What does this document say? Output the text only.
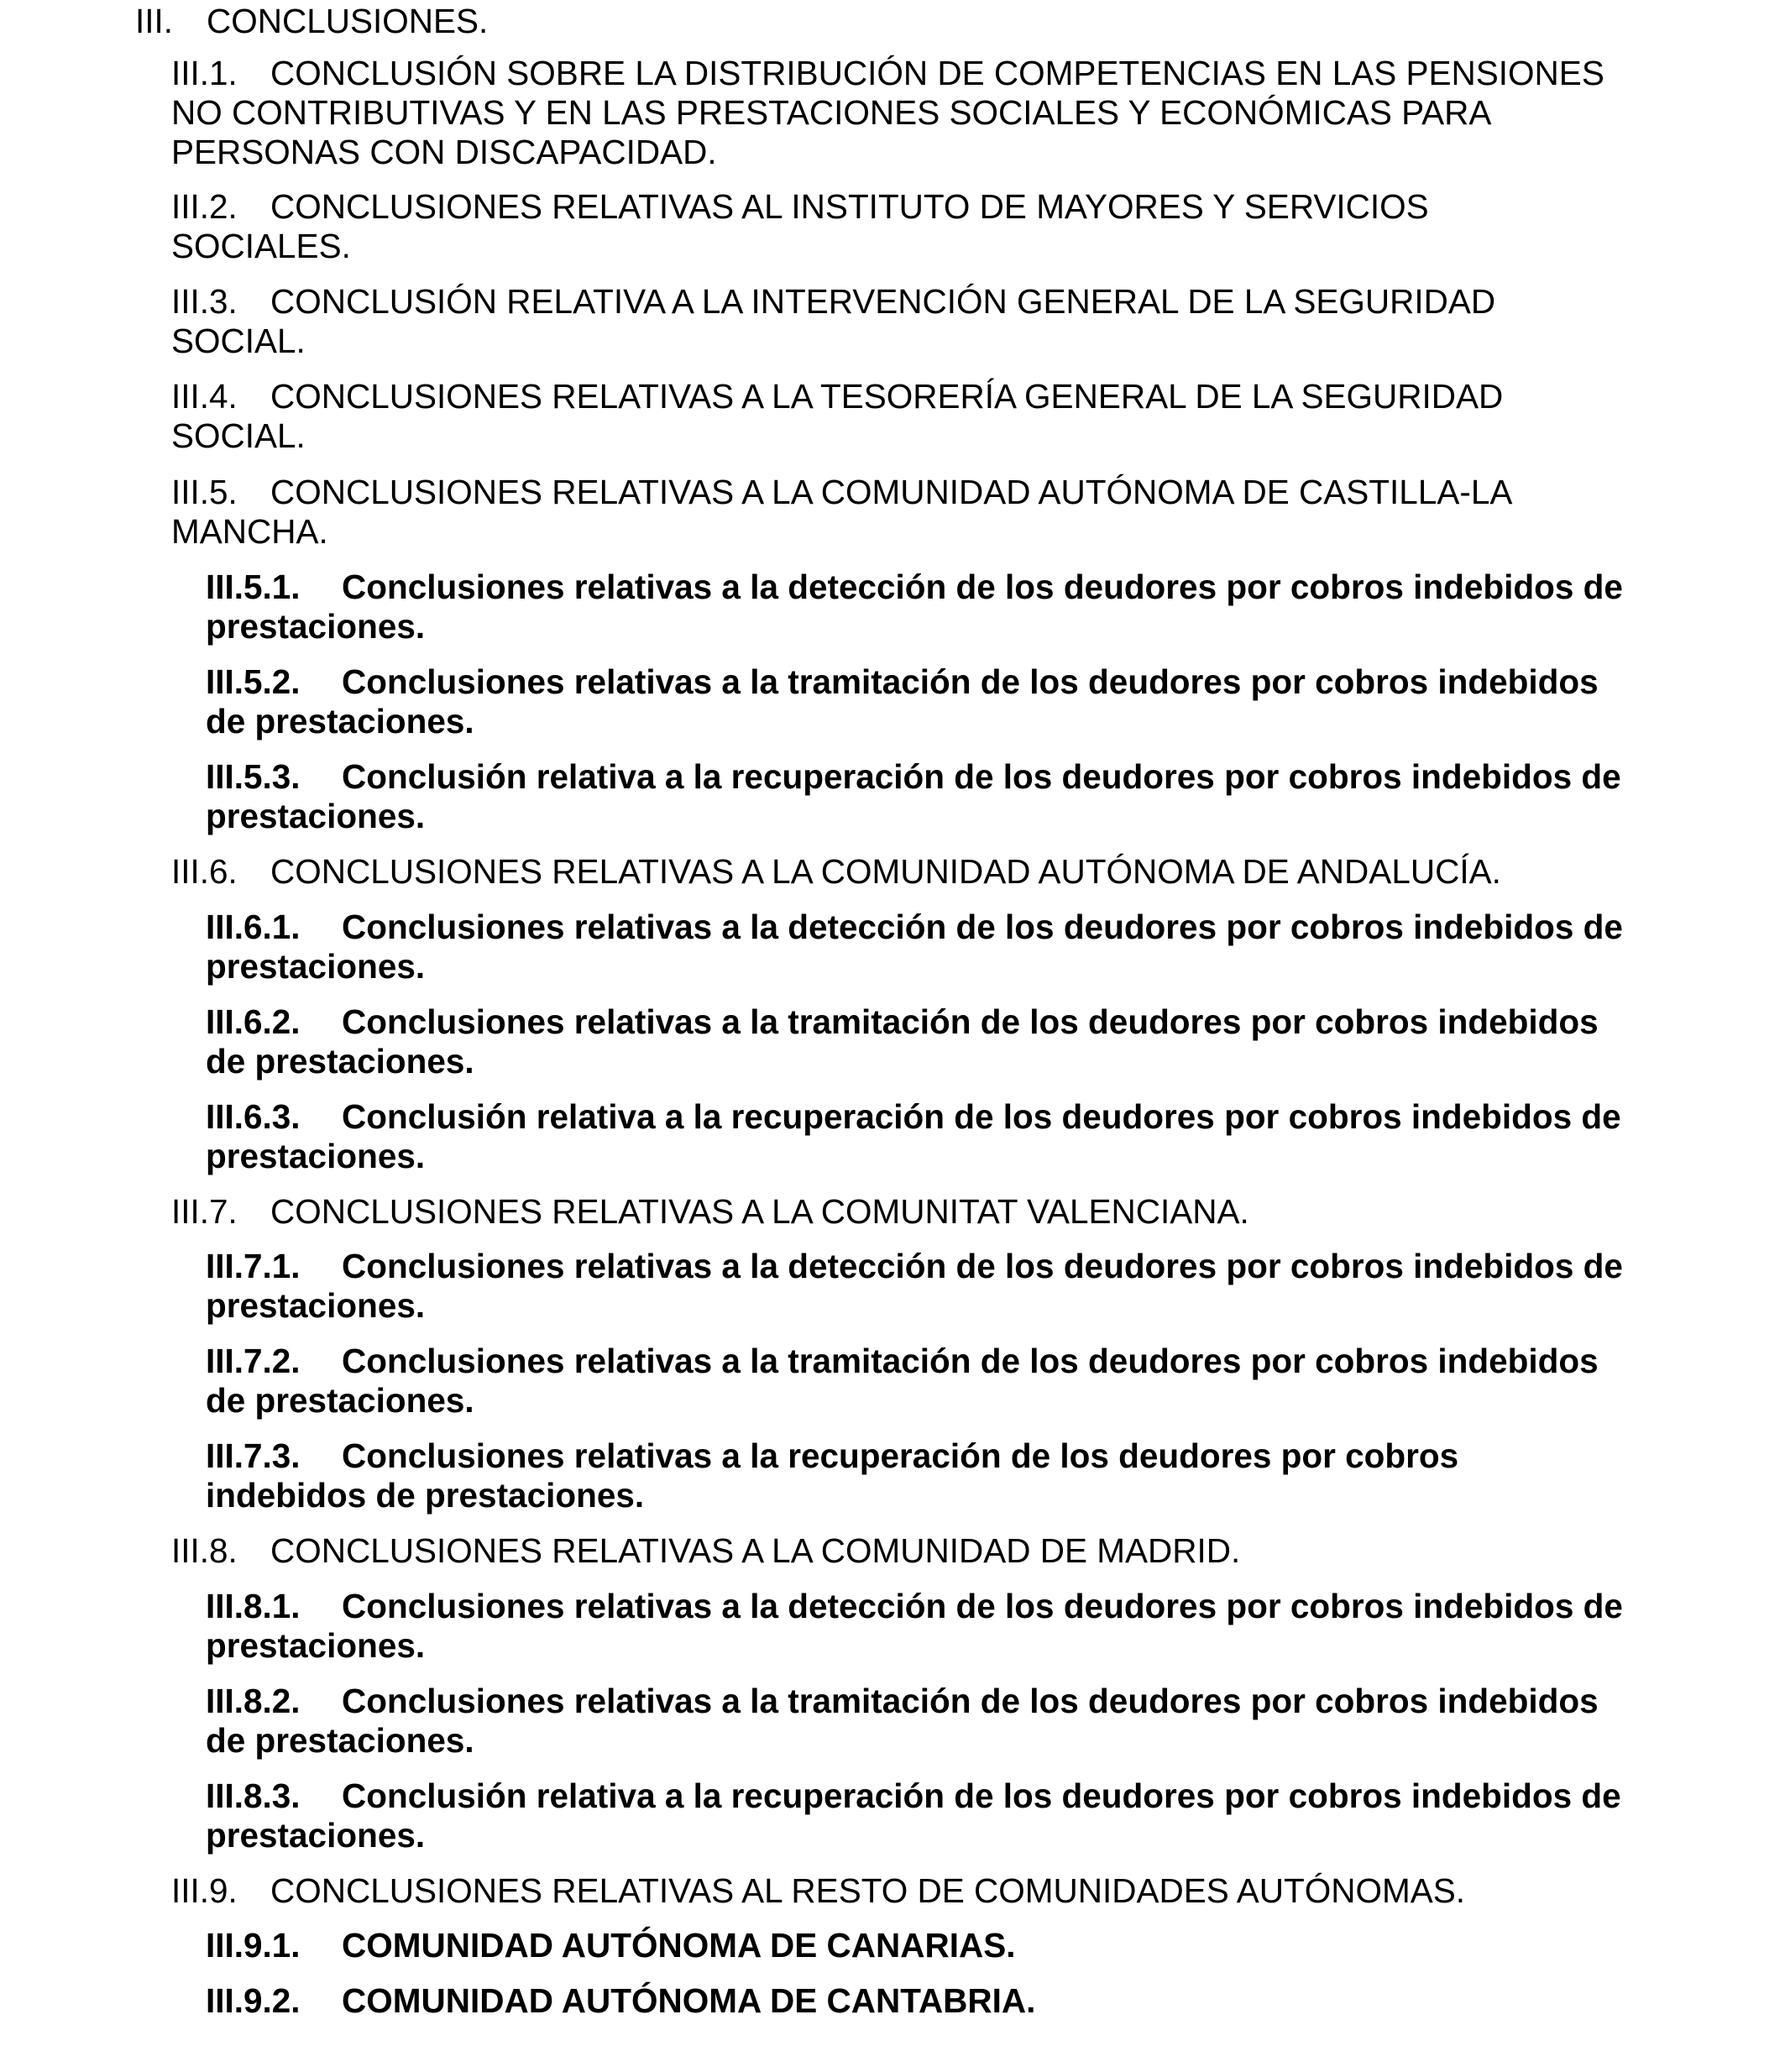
III. CONCLUSIONES.
III.1. CONCLUSIÓN SOBRE LA DISTRIBUCIÓN DE COMPETENCIAS EN LAS PENSIONES
NO CONTRIBUTIVAS Y EN LAS PRESTACIONES SOCIALES Y ECONÓMICAS PARA
PERSONAS CON DISCAPACIDAD.
III.2. CONCLUSIONES RELATIVAS AL INSTITUTO DE MAYORES Y SERVICIOS
SOCIALES.
III.3. CONCLUSIÓN RELATIVA A LA INTERVENCIÓN GENERAL DE LA SEGURIDAD
SOCIAL.
III.4. CONCLUSIONES RELATIVAS A LA TESORERÍA GENERAL DE LA SEGURIDAD
SOCIAL.
III.5. CONCLUSIONES RELATIVAS A LA COMUNIDAD AUTÓNOMA DE CASTILLA-LA
MANCHA.
III.5.1. Conclusiones relativas a la detección de los deudores por cobros indebidos de
prestaciones.
III.5.2. Conclusiones relativas a la tramitación de los deudores por cobros indebidos
de prestaciones.
III.5.3. Conclusión relativa a la recuperación de los deudores por cobros indebidos de
prestaciones.
III.6. CONCLUSIONES RELATIVAS A LA COMUNIDAD AUTÓNOMA DE ANDALUCÍA.
III.6.1. Conclusiones relativas a la detección de los deudores por cobros indebidos de
prestaciones.
III.6.2. Conclusiones relativas a la tramitación de los deudores por cobros indebidos
de prestaciones.
III.6.3. Conclusión relativa a la recuperación de los deudores por cobros indebidos de
prestaciones.
III.7. CONCLUSIONES RELATIVAS A LA COMUNITAT VALENCIANA.
III.7.1. Conclusiones relativas a la detección de los deudores por cobros indebidos de
prestaciones.
III.7.2. Conclusiones relativas a la tramitación de los deudores por cobros indebidos
de prestaciones.
III.7.3. Conclusiones relativas a la recuperación de los deudores por cobros
indebidos de prestaciones.
III.8. CONCLUSIONES RELATIVAS A LA COMUNIDAD DE MADRID.
III.8.1. Conclusiones relativas a la detección de los deudores por cobros indebidos de
prestaciones.
III.8.2. Conclusiones relativas a la tramitación de los deudores por cobros indebidos
de prestaciones.
III.8.3. Conclusión relativa a la recuperación de los deudores por cobros indebidos de
prestaciones.
III.9. CONCLUSIONES RELATIVAS AL RESTO DE COMUNIDADES AUTÓNOMAS.
III.9.1. COMUNIDAD AUTÓNOMA DE CANARIAS.
III.9.2. COMUNIDAD AUTÓNOMA DE CANTABRIA.
